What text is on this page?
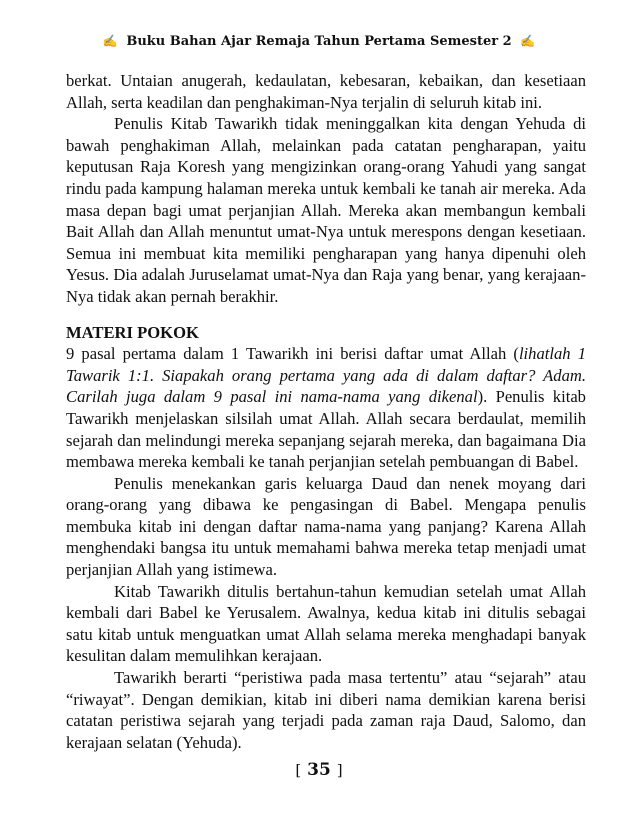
✍ Buku Bahan Ajar Remaja Tahun Pertama Semester 2 ✍

berkat. Untaian anugerah, kedaulatan, kebesaran, kebaikan, dan kesetiaan Allah, serta keadilan dan penghakiman-Nya terjalin di seluruh kitab ini.

Penulis Kitab Tawarikh tidak meninggalkan kita dengan Yehuda di bawah penghakiman Allah, melainkan pada catatan pengharapan, yaitu keputusan Raja Koresh yang mengizinkan orang-orang Yahudi yang sangat rindu pada kampung halaman mereka untuk kembali ke tanah air mereka. Ada masa depan bagi umat perjanjian Allah. Mereka akan membangun kembali Bait Allah dan Allah menuntut umat-Nya untuk merespons dengan kesetiaan. Semua ini membuat kita memiliki pengharapan yang hanya dipenuhi oleh Yesus. Dia adalah Juruselamat umat-Nya dan Raja yang benar, yang kerajaan-Nya tidak akan pernah berakhir.

MATERI POKOK

9 pasal pertama dalam 1 Tawarikh ini berisi daftar umat Allah (lihatlah 1 Tawarik 1:1. Siapakah orang pertama yang ada di dalam daftar? Adam. Carilah juga dalam 9 pasal ini nama-nama yang dikenal). Penulis kitab Tawarikh menjelaskan silsilah umat Allah. Allah secara berdaulat, memilih sejarah dan melindungi mereka sepanjang sejarah mereka, dan bagaimana Dia membawa mereka kembali ke tanah perjanjian setelah pembuangan di Babel.

Penulis menekankan garis keluarga Daud dan nenek moyang dari orang-orang yang dibawa ke pengasingan di Babel. Mengapa penulis membuka kitab ini dengan daftar nama-nama yang panjang? Karena Allah menghendaki bangsa itu untuk memahami bahwa mereka tetap menjadi umat perjanjian Allah yang istimewa.

Kitab Tawarikh ditulis bertahun-tahun kemudian setelah umat Allah kembali dari Babel ke Yerusalem. Awalnya, kedua kitab ini ditulis sebagai satu kitab untuk menguatkan umat Allah selama mereka menghadapi banyak kesulitan dalam memulihkan kerajaan.

Tawarikh berarti “peristiwa pada masa tertentu” atau “sejarah” atau “riwayat”. Dengan demikian, kitab ini diberi nama demikian karena berisi catatan peristiwa sejarah yang terjadi pada zaman raja Daud, Salomo, dan kerajaan selatan (Yehuda).

[ 35 ]
